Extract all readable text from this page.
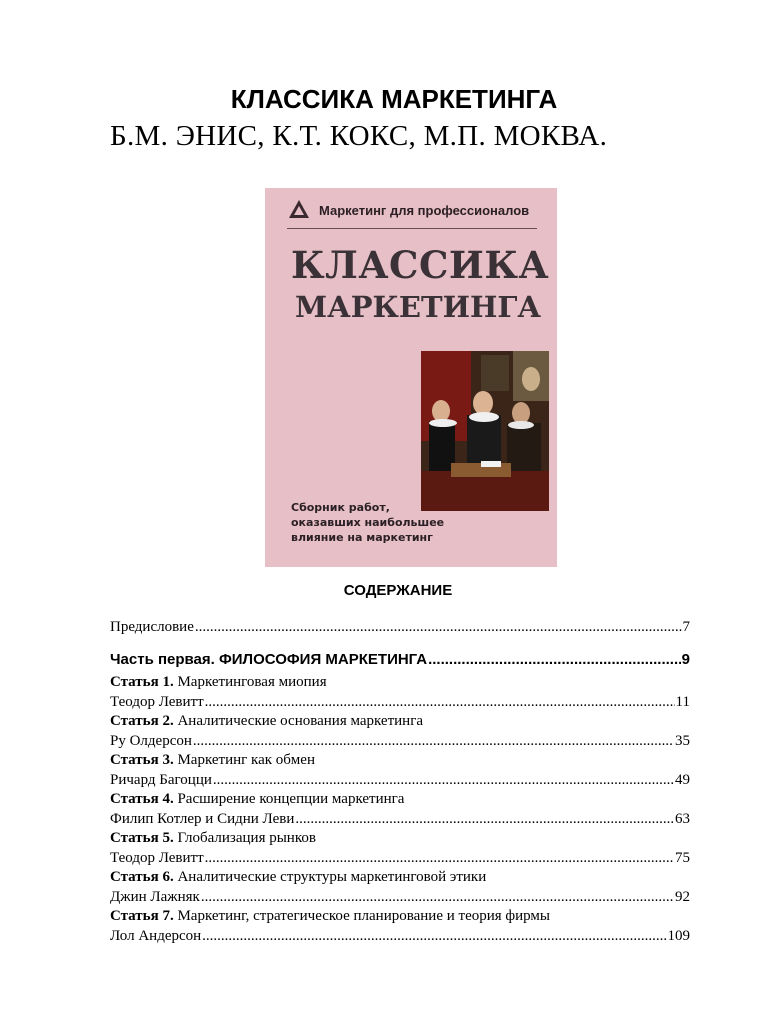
КЛАССИКА МАРКЕТИНГА
Б.М. ЭНИС, К.Т. КОКС, М.П. МОКВА.
Маркетинг для профессионалов
КЛАССИКА
МАРКЕТИНГА
Сборник работ,
оказавших наибольшее
влияние на маркетинг
СОДЕРЖАНИЕ
Предисловие .....	7
Часть первая. ФИЛОСОФИЯ МАРКЕТИНГА .....	9
Статья 1. Маркетинговая миопия
Теодор Левитт .....	11
Статья 2. Аналитические основания маркетинга
Ру Олдерсон .....	35
Статья 3. Маркетинг как обмен
Ричард Багоцци .....	49
Статья 4. Расширение концепции маркетинга
Филип Котлер и Сидни Леви .....	63
Статья 5. Глобализация рынков
Теодор Левитт .....	75
Статья 6. Аналитические структуры маркетинговой этики
Джин Лажняк .....	92
Статья 7. Маркетинг, стратегическое планирование и теория фирмы
Лол Андерсон .....	109
